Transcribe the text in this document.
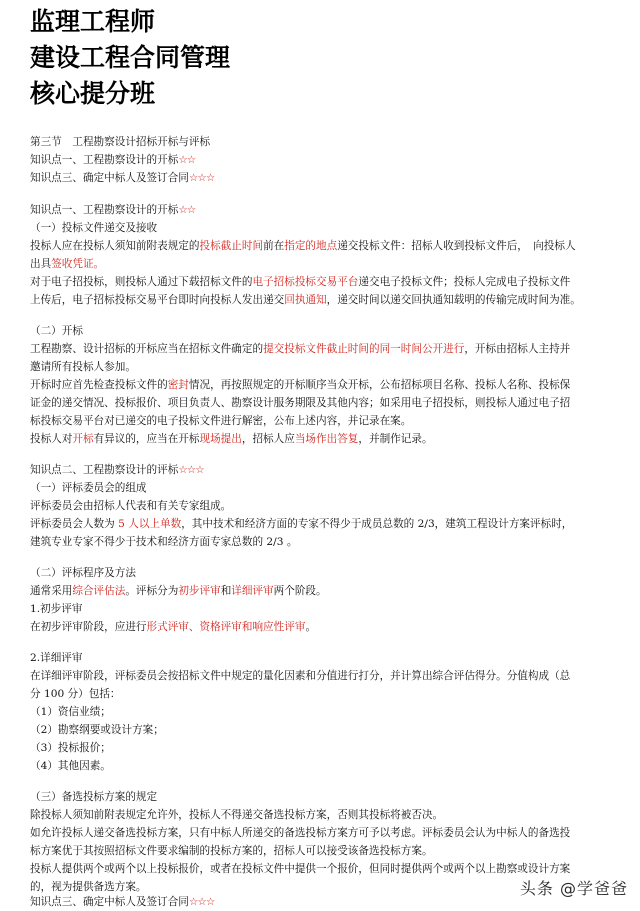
监理工程师
建设工程合同管理
核心提分班
第三节　工程勘察设计招标开标与评标
知识点一、工程勘察设计的开标☆☆
知识点三、确定中标人及签订合同☆☆☆
知识点一、工程勘察设计的开标☆☆
（一）投标文件递交及接收
投标人应在投标人须知前附表规定的投标截止时间前在指定的地点递交投标文件：招标人收到投标文件后，　向投标人
出具签收凭证。
对于电子招投标，则投标人通过下载招标文件的电子招标投标交易平台递交电子投标文件；投标人完成电子投标文件
上传后，电子招标投标交易平台即时向投标人发出递交回执通知，递交时间以递交回执通知载明的传输完成时间为准。
（二）开标
工程勘察、设计招标的开标应当在招标文件确定的提交投标文件截止时间的同一时间公开进行，开标由招标人主持并
邀请所有投标人参加。
开标时应首先检查投标文件的密封情况，再按照规定的开标顺序当众开标，公布招标项目名称、投标人名称、投标保
证金的递交情况、投标报价、项目负责人、勘察设计服务期限及其他内容；如采用电子招投标，则投标人通过电子招
标投标交易平台对已递交的电子投标文件进行解密，公布上述内容，并记录在案。
投标人对开标有异议的，应当在开标现场提出，招标人应当场作出答复，并制作记录。
知识点二、工程勘察设计的评标☆☆☆
（一）评标委员会的组成
评标委员会由招标人代表和有关专家组成。
评标委员会人数为 5 人以上单数，其中技术和经济方面的专家不得少于成员总数的 2/3，建筑工程设计方案评标时，
建筑专业专家不得少于技术和经济方面专家总数的 2/3 。
（二）评标程序及方法
通常采用综合评估法。评标分为初步评审和详细评审两个阶段。
1.初步评审
在初步评审阶段，应进行形式评审、资格评审和响应性评审。
2.详细评审
在详细评审阶段，评标委员会按招标文件中规定的量化因素和分值进行打分，并计算出综合评估得分。分值构成（总
分 100 分）包括：
（1）资信业绩；
（2）勘察纲要或设计方案；
（3）投标报价；
（4）其他因素。
（三）备选投标方案的规定
除投标人须知前附表规定允许外，投标人不得递交备选投标方案，否则其投标将被否决。
如允许投标人递交备选投标方案，只有中标人所递交的备选投标方案方可予以考虑。评标委员会认为中标人的备选投
标方案优于其按照招标文件要求编制的投标方案的，招标人可以接受该备选投标方案。
投标人提供两个或两个以上投标报价，或者在投标文件中提供一个报价，但同时提供两个或两个以上勘察或设计方案
的，视为提供备选方案。
知识点三、确定中标人及签订合同☆☆☆
头条 @学爸爸
